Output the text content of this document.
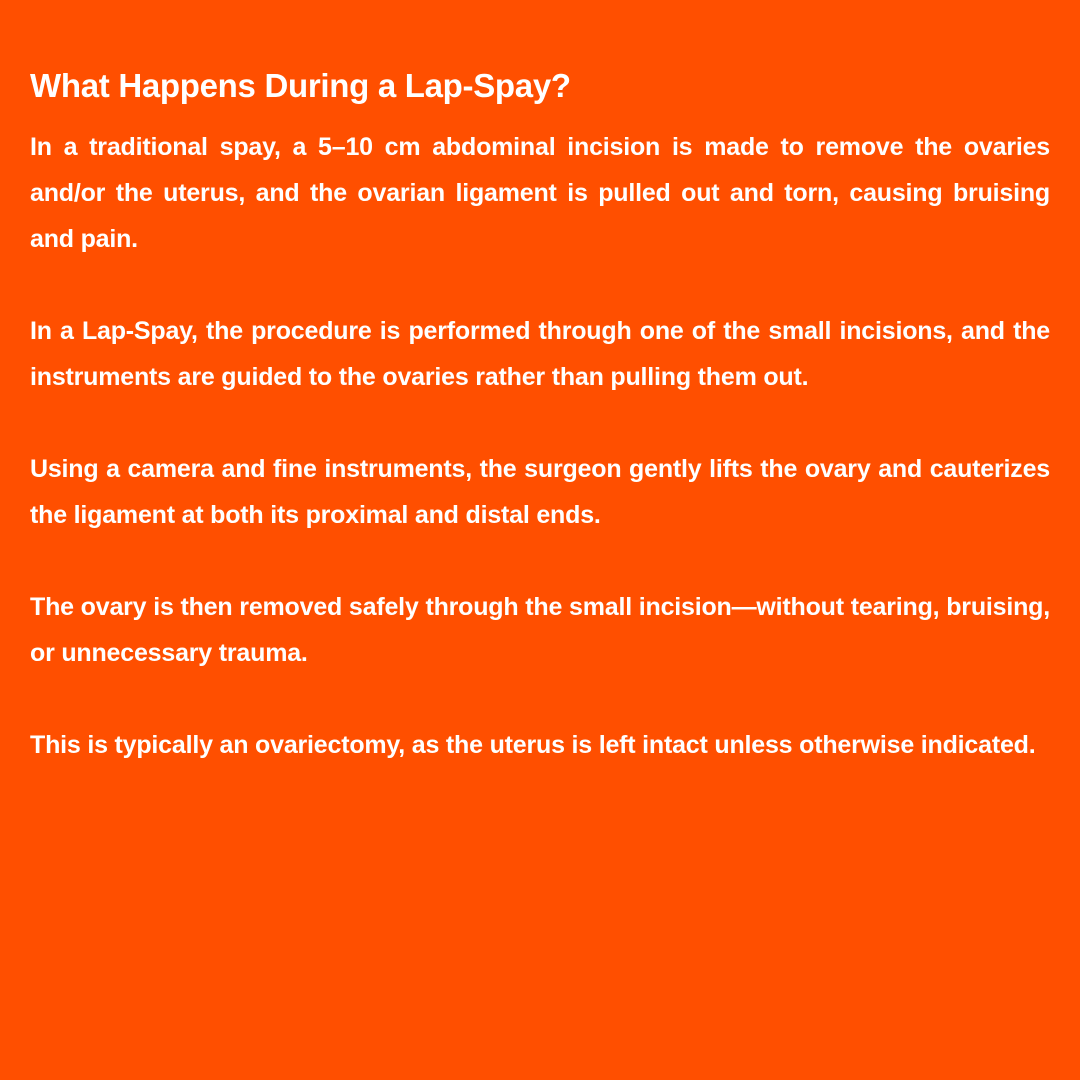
What Happens During a Lap-Spay?

In a traditional spay, a 5–10 cm abdominal incision is made to remove the ovaries and/or the uterus, and the ovarian ligament is pulled out and torn, causing bruising and pain.

In a Lap-Spay, the procedure is performed through one of the small incisions, and the instruments are guided to the ovaries rather than pulling them out.

Using a camera and fine instruments, the surgeon gently lifts the ovary and cauterizes the ligament at both its proximal and distal ends.

The ovary is then removed safely through the small incision—without tearing, bruising, or unnecessary trauma.

This is typically an ovariectomy, as the uterus is left intact unless otherwise indicated.
